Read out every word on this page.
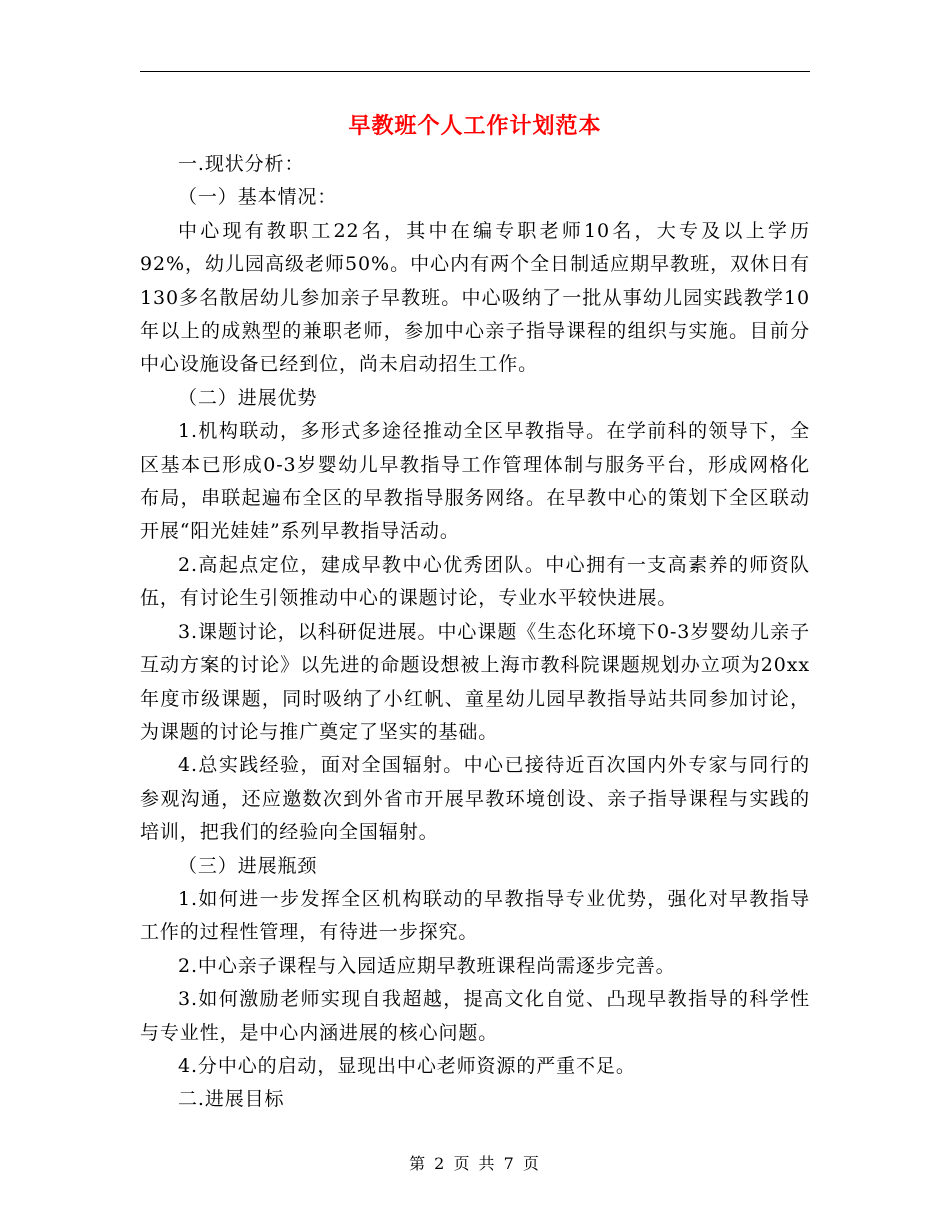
早教班个人工作计划范本

一.现状分析：

（一）基本情况：

中心现有教职工22名，其中在编专职老师10名，大专及以上学历92%，幼儿园高级老师50%。中心内有两个全日制适应期早教班，双休日有130多名散居幼儿参加亲子早教班。中心吸纳了一批从事幼儿园实践教学10年以上的成熟型的兼职老师，参加中心亲子指导课程的组织与实施。目前分中心设施设备已经到位，尚未启动招生工作。

（二）进展优势

1.机构联动，多形式多途径推动全区早教指导。在学前科的领导下，全区基本已形成0-3岁婴幼儿早教指导工作管理体制与服务平台，形成网格化布局，串联起遍布全区的早教指导服务网络。在早教中心的策划下全区联动开展“阳光娃娃”系列早教指导活动。

2.高起点定位，建成早教中心优秀团队。中心拥有一支高素养的师资队伍，有讨论生引领推动中心的课题讨论，专业水平较快进展。

3.课题讨论，以科研促进展。中心课题《生态化环境下0-3岁婴幼儿亲子互动方案的讨论》以先进的命题设想被上海市教科院课题规划办立项为20xx年度市级课题，同时吸纳了小红帆、童星幼儿园早教指导站共同参加讨论，为课题的讨论与推广奠定了坚实的基础。

4.总实践经验，面对全国辐射。中心已接待近百次国内外专家与同行的参观沟通，还应邀数次到外省市开展早教环境创设、亲子指导课程与实践的培训，把我们的经验向全国辐射。

（三）进展瓶颈

1.如何进一步发挥全区机构联动的早教指导专业优势，强化对早教指导工作的过程性管理，有待进一步探究。

2.中心亲子课程与入园适应期早教班课程尚需逐步完善。

3.如何激励老师实现自我超越，提高文化自觉、凸现早教指导的科学性与专业性，是中心内涵进展的核心问题。

4.分中心的启动，显现出中心老师资源的严重不足。

二.进展目标

第 2 页 共 7 页
